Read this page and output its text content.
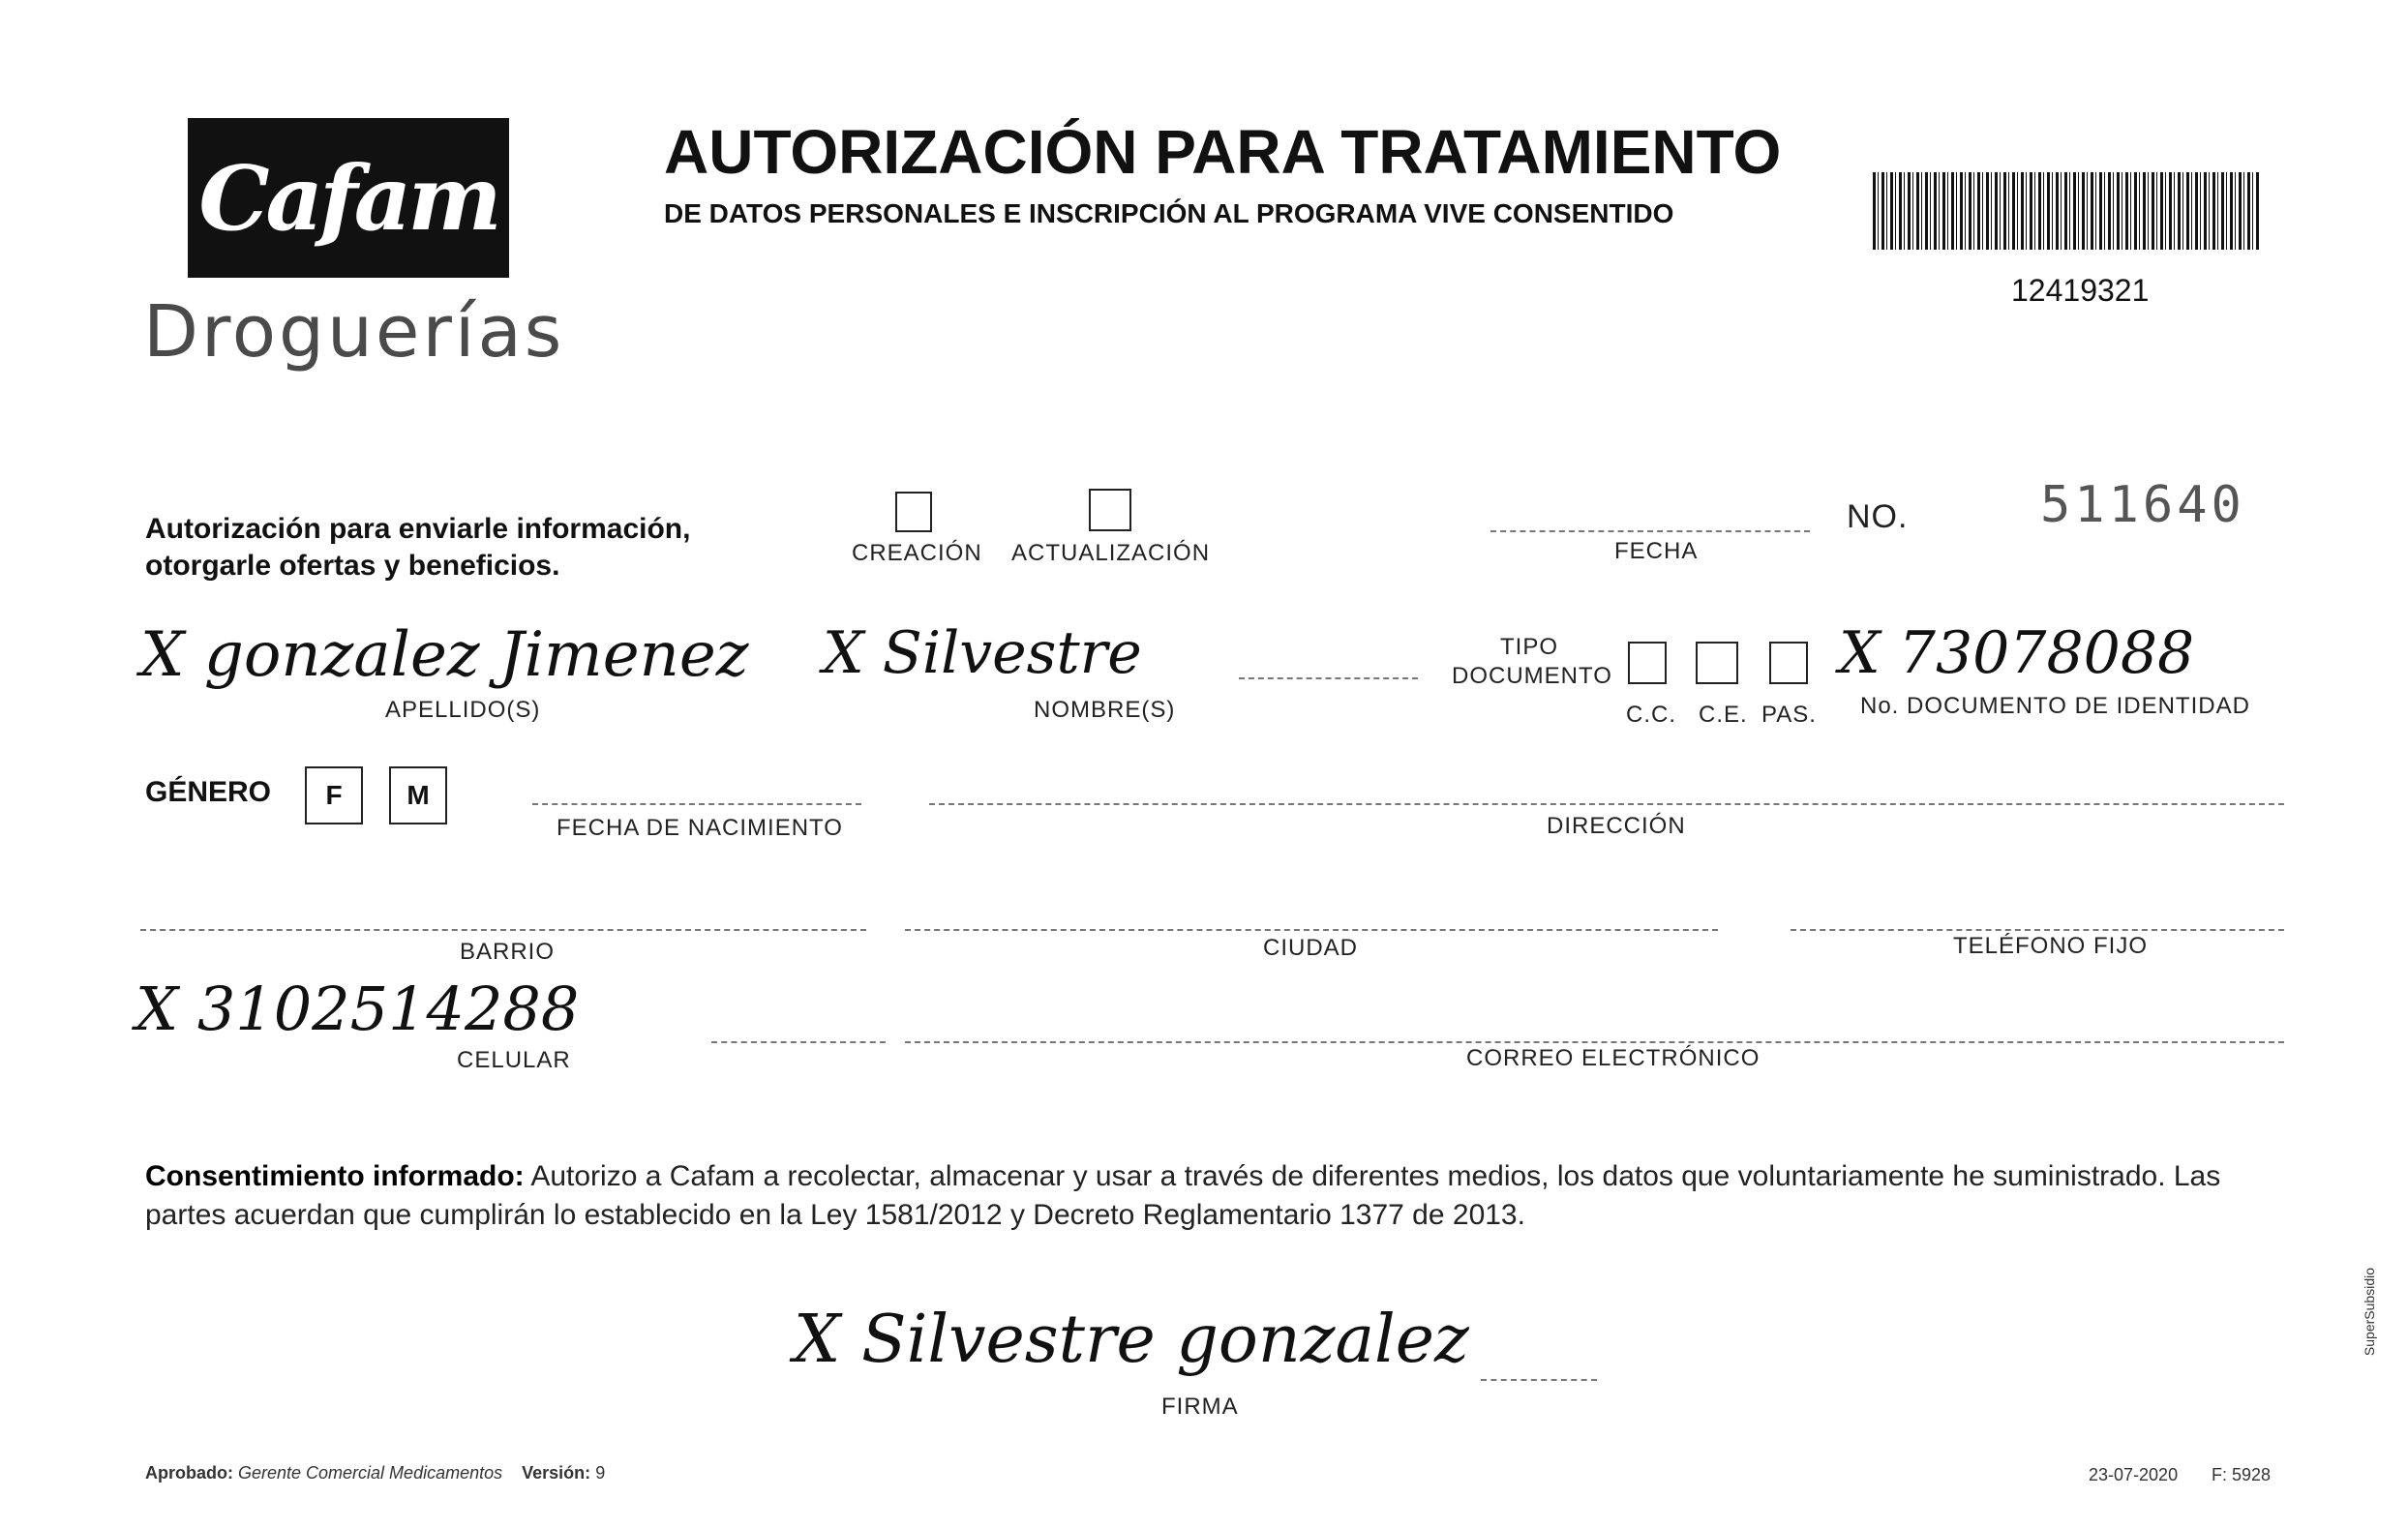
Cafam
Droguerías
AUTORIZACIÓN PARA TRATAMIENTO
DE DATOS PERSONALES E INSCRIPCIÓN AL PROGRAMA VIVE CONSENTIDO
12419321
Autorización para enviarle información,
otorgarle ofertas y beneficios.	CREACIÓN ACTUALIZACIÓN	FECHA
NO.	511640
X gonzalez Jimenez
APELLIDO(S)
X Silvestre
NOMBRE(S)
TIPO
DOCUMENTO
C.C. C.E. PAS.
X 73078088
No. DOCUMENTO DE IDENTIDAD
GÉNERO F M
FECHA DE NACIMIENTO	DIRECCIÓN
BARRIO	CIUDAD	TELÉFONO FIJO
X 3102514288
CELULAR	CORREO ELECTRÓNICO
Consentimiento informado: Autorizo a Cafam a recolectar, almacenar y usar a través de diferentes medios, los datos que voluntariamente he suministrado. Las partes acuerdan que cumplirán lo establecido en la Ley 1581/2012 y Decreto Reglamentario 1377 de 2013.
X Silvestre gonzalez
FIRMA
Aprobado: Gerente Comercial Medicamentos Versión: 9	23-07-2020 F: 5928
SuperSubsidio
